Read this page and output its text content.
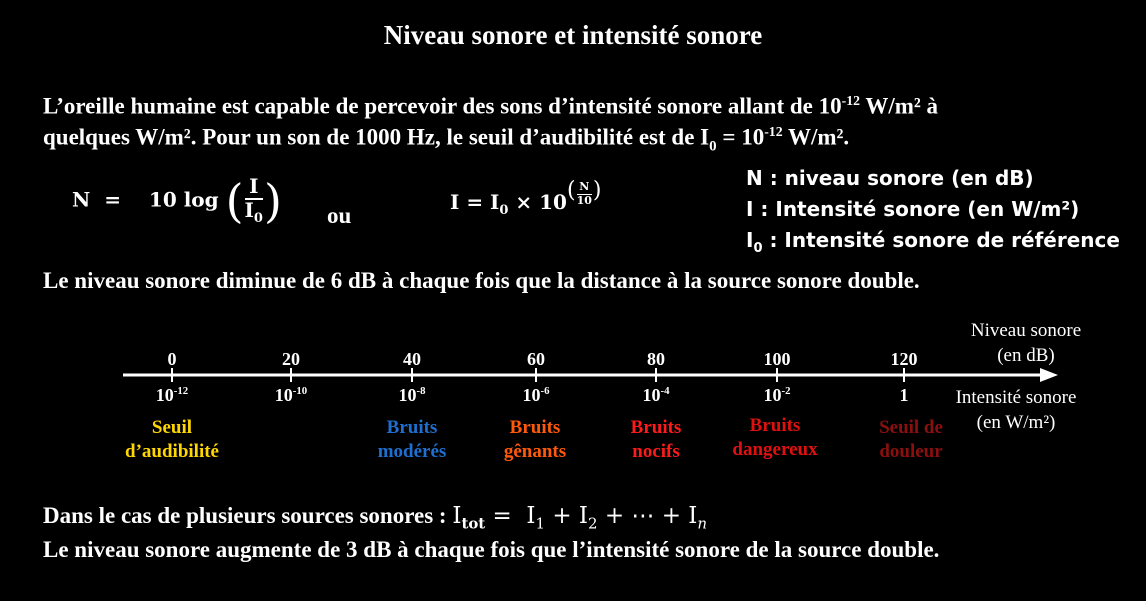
Niveau sonore et intensité sonore
L’oreille humaine est capable de percevoir des sons d’intensité sonore allant de $10^{-12}$ W/m² à
quelques W/m². Pour un son de 1000 Hz, le seuil d’audibilité est de $I_0 = 10^{-12}$ W/m².
N  = 10 log ( $\frac{I}{I_0}$ ) ou
$I = I_0 \times 10^{( \frac{N}{10} )}$	N : niveau sonore (en dB)
I : Intensité sonore (en W/m²)
$I_0$ : Intensité sonore de référence
Le niveau sonore diminue de 6 dB à chaque fois que la distance à la source sonore double.
Niveau sonore
(en dB)
Intensité sonore
(en W/m²)
0	20	40	60	80	100	120
$10^{-12}$	$10^{-10}$	$10^{-8}$	$10^{-6}$	$10^{-4}$	$10^{-2}$	1
Seuil
d’audibilité
Bruits
modérés
Bruits
gênants
Bruits
nocifs
Bruits
dangereux
Seuil de
douleur
Dans le cas de plusieurs sources sonores : $I_{tot} = I_1 + I_2$ + ⋯ + $I_n$
Le niveau sonore augmente de 3 dB à chaque fois que l’intensité sonore de la source double.
